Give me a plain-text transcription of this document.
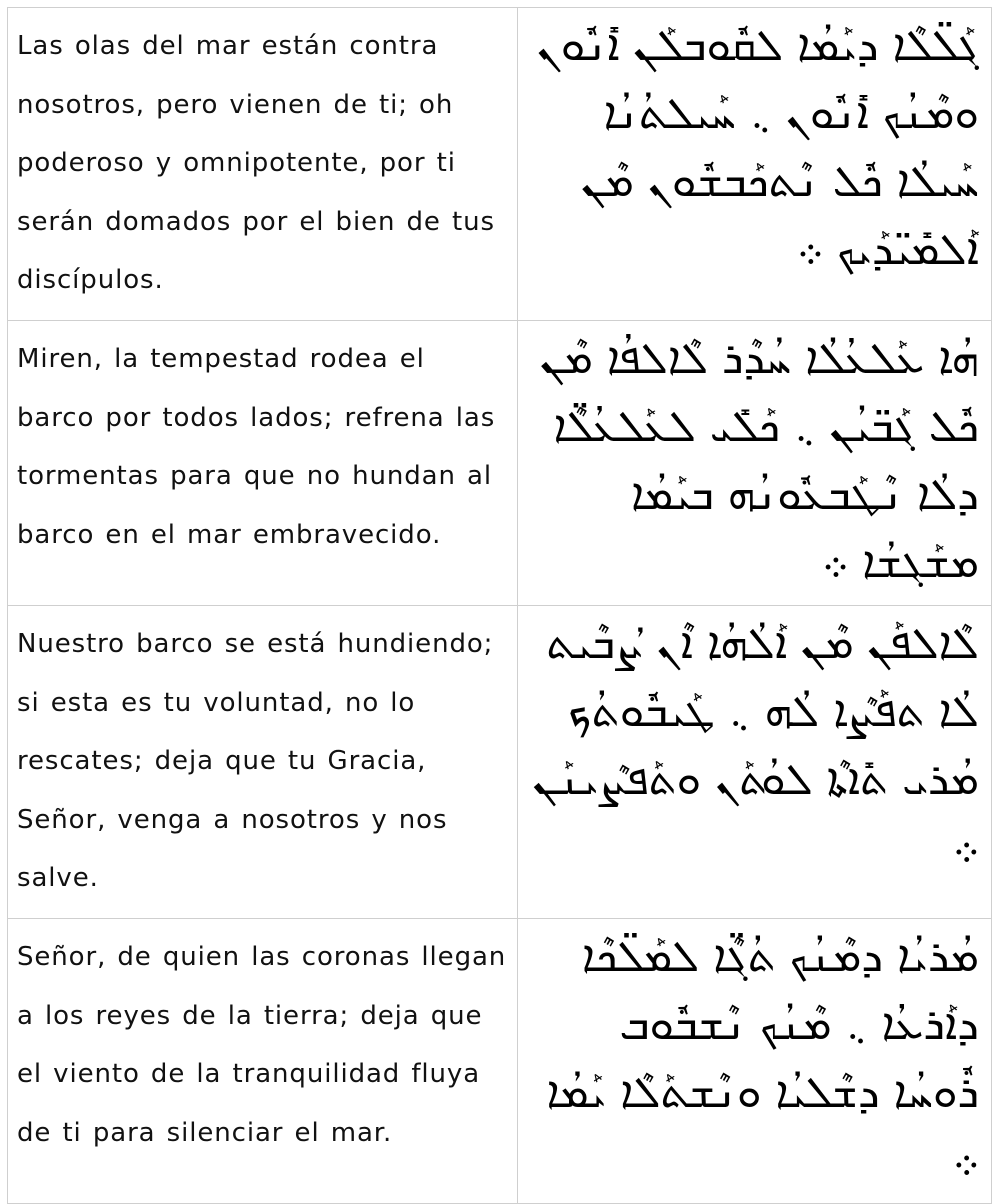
Las olas del mar están contra nosotros, pero vienen de ti; oh poderoso y omnipotente, por ti serán domados por el bien de tus discípulos.	ܓܰܠ̈ܠܶܐ ܕܝܰܡܳܐ ܠܩܽܘܒܠܰܢ ܐܺܢܽܘܢ ܘܡܶܢܳܟ ܐܺܢܽܘܢ ܆ ܚܰܝܠܬܳܢܳܐ ܚܰܝܠܳܐ ܟܽܠ ܢܶܬܟܰܒܫܽܘܢ ܡܶܢ ܐܰܠܡܺܝ̈ܕܰܝܟ ܀
Miren, la tempestad rodea el barco por todos lados; refrena las tormentas para que no hundan al barco en el mar embravecido.	ܗܳܐ ܥܰܠܥܳܠܳܐ ܚܳܕܶܪ ܠܶܐܠܦܳܐ ܡܶܢ ܟܽܠ ܓܰܒ̈ܝܳܢ ܆ ܟܰܠܺܝ ܠܥܰܠܥܳܠܶ̈ܐ ܕܠܳܐ ܢܶܛܰܒܥܽܘܢܳܗ ܒܝܰܡܳܐ ܡܫܰܓܫܳܐ ܀
Nuestro barco se está hundiendo; si esta es tu voluntad, no lo rescates; deja que tu Gracia, Señor, venga a nosotros y nos salve.	ܠܶܐܠܦܰܢ ܡܶܢ ܐܰܠܳܗܳܐ ܐܶܢ ܨܳܒܶܝܬ ܠܳܐ ܬܦܰܨܶܐ ܠܳܗ ܆ ܛܰܝܒܽܘܬܳܟ ܡܳܪܝ ܬܺܐܬܶܐ ܠܘܳܬܰܢ ܘܬܰܦܨܶܝܢܰܢ ܀
Señor, de quien las coronas llegan a los reyes de la tierra; deja que el viento de la tranquilidad fluya de ti para silenciar el mar.	ܡܳܪܝܳܐ ܕܡܶܢܳܟ ܬܳܓܶ̈ܐ ܠܡܰܠ̈ܟܶܐ ܕܐܰܪܥܳܐ ܆ ܡܶܢܳܟ ܢܶܫܒܽܘܒ ܪܽܘܚܳܐ ܕܫܶܠܝܳܐ ܘܢܶܫܬܰܠܶܐ ܝܰܡܳܐ ܀
